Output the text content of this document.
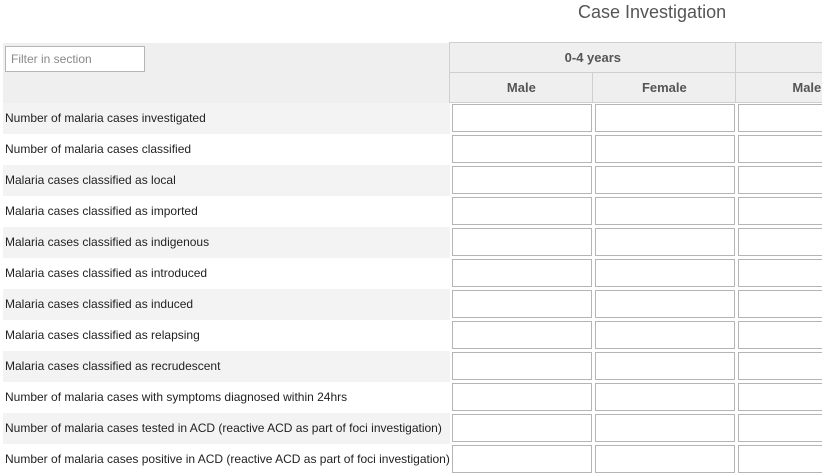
Case Investigation
Filter in section
	0-4 years		
	Male	Female	Male
Number of malaria cases investigated	

Number of malaria cases classified	

Malaria cases classified as local	

Malaria cases classified as imported	

Malaria cases classified as indigenous	

Malaria cases classified as introduced	

Malaria cases classified as induced	

Malaria cases classified as relapsing	

Malaria cases classified as recrudescent	

Number of malaria cases with symptoms diagnosed within 24hrs	

Number of malaria cases tested in ACD (reactive ACD as part of foci investigation)	

Number of malaria cases positive in ACD (reactive ACD as part of foci investigation)	
